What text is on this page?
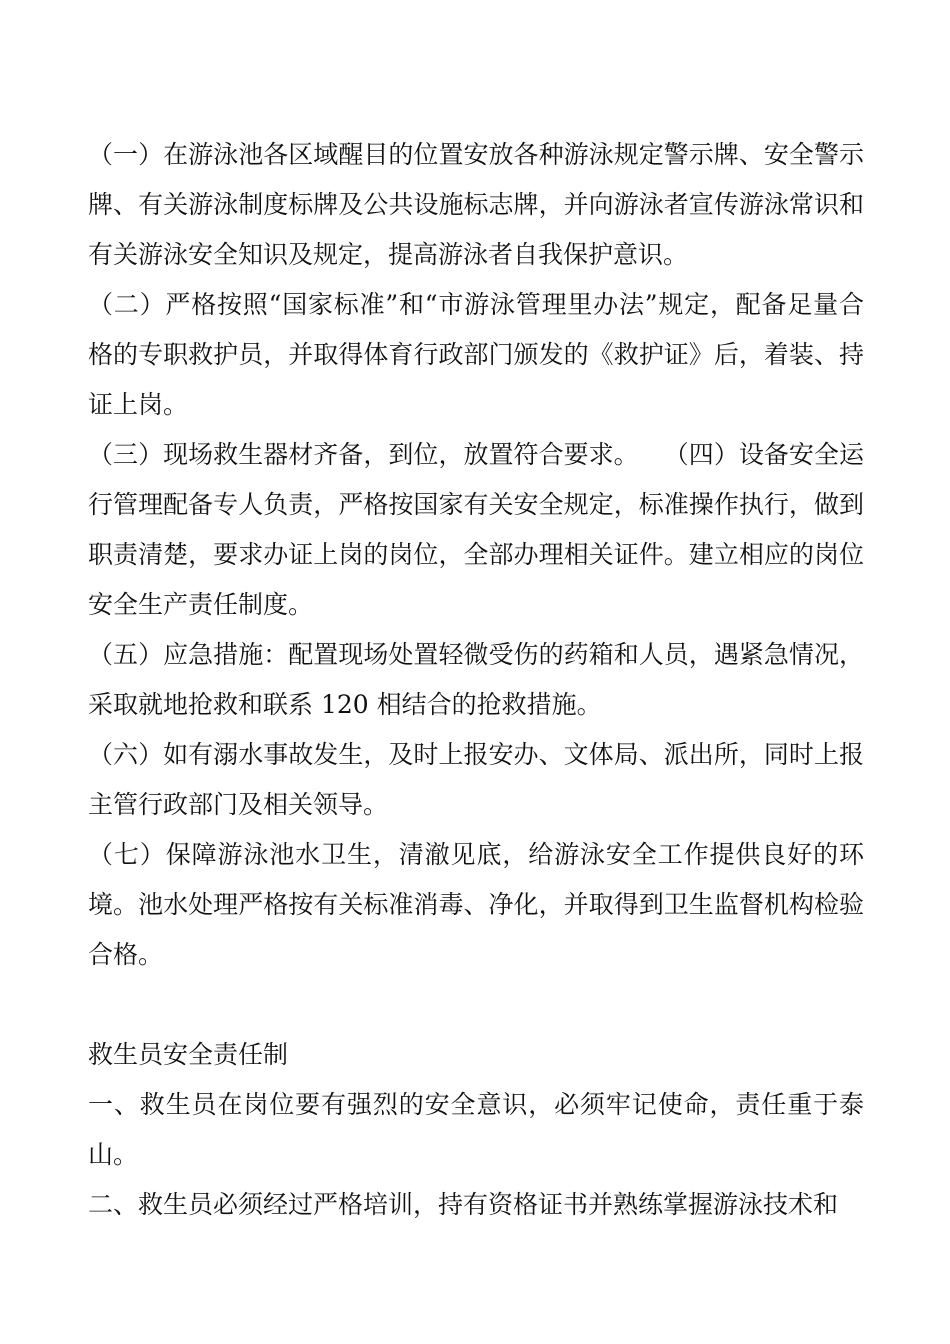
（一）在游泳池各区域醒目的位置安放各种游泳规定警示牌、安全警示牌、有关游泳制度标牌及公共设施标志牌，并向游泳者宣传游泳常识和有关游泳安全知识及规定，提高游泳者自我保护意识。

（二）严格按照“国家标准”和“市游泳管理里办法”规定，配备足量合格的专职救护员，并取得体育行政部门颁发的《救护证》后，着装、持证上岗。

（三）现场救生器材齐备，到位，放置符合要求。　　（四）设备安全运行管理配备专人负责，严格按国家有关安全规定，标准操作执行，做到职责清楚，要求办证上岗的岗位，全部办理相关证件。建立相应的岗位安全生产责任制度。

（五）应急措施：配置现场处置轻微受伤的药箱和人员，遇紧急情况，采取就地抢救和联系 120 相结合的抢救措施。

（六）如有溺水事故发生，及时上报安办、文体局、派出所，同时上报主管行政部门及相关领导。

（七）保障游泳池水卫生，清澈见底，给游泳安全工作提供良好的环境。池水处理严格按有关标准消毒、净化，并取得到卫生监督机构检验合格。

救生员安全责任制

一、救生员在岗位要有强烈的安全意识，必须牢记使命，责任重于泰山。

二、救生员必须经过严格培训，持有资格证书并熟练掌握游泳技术和
